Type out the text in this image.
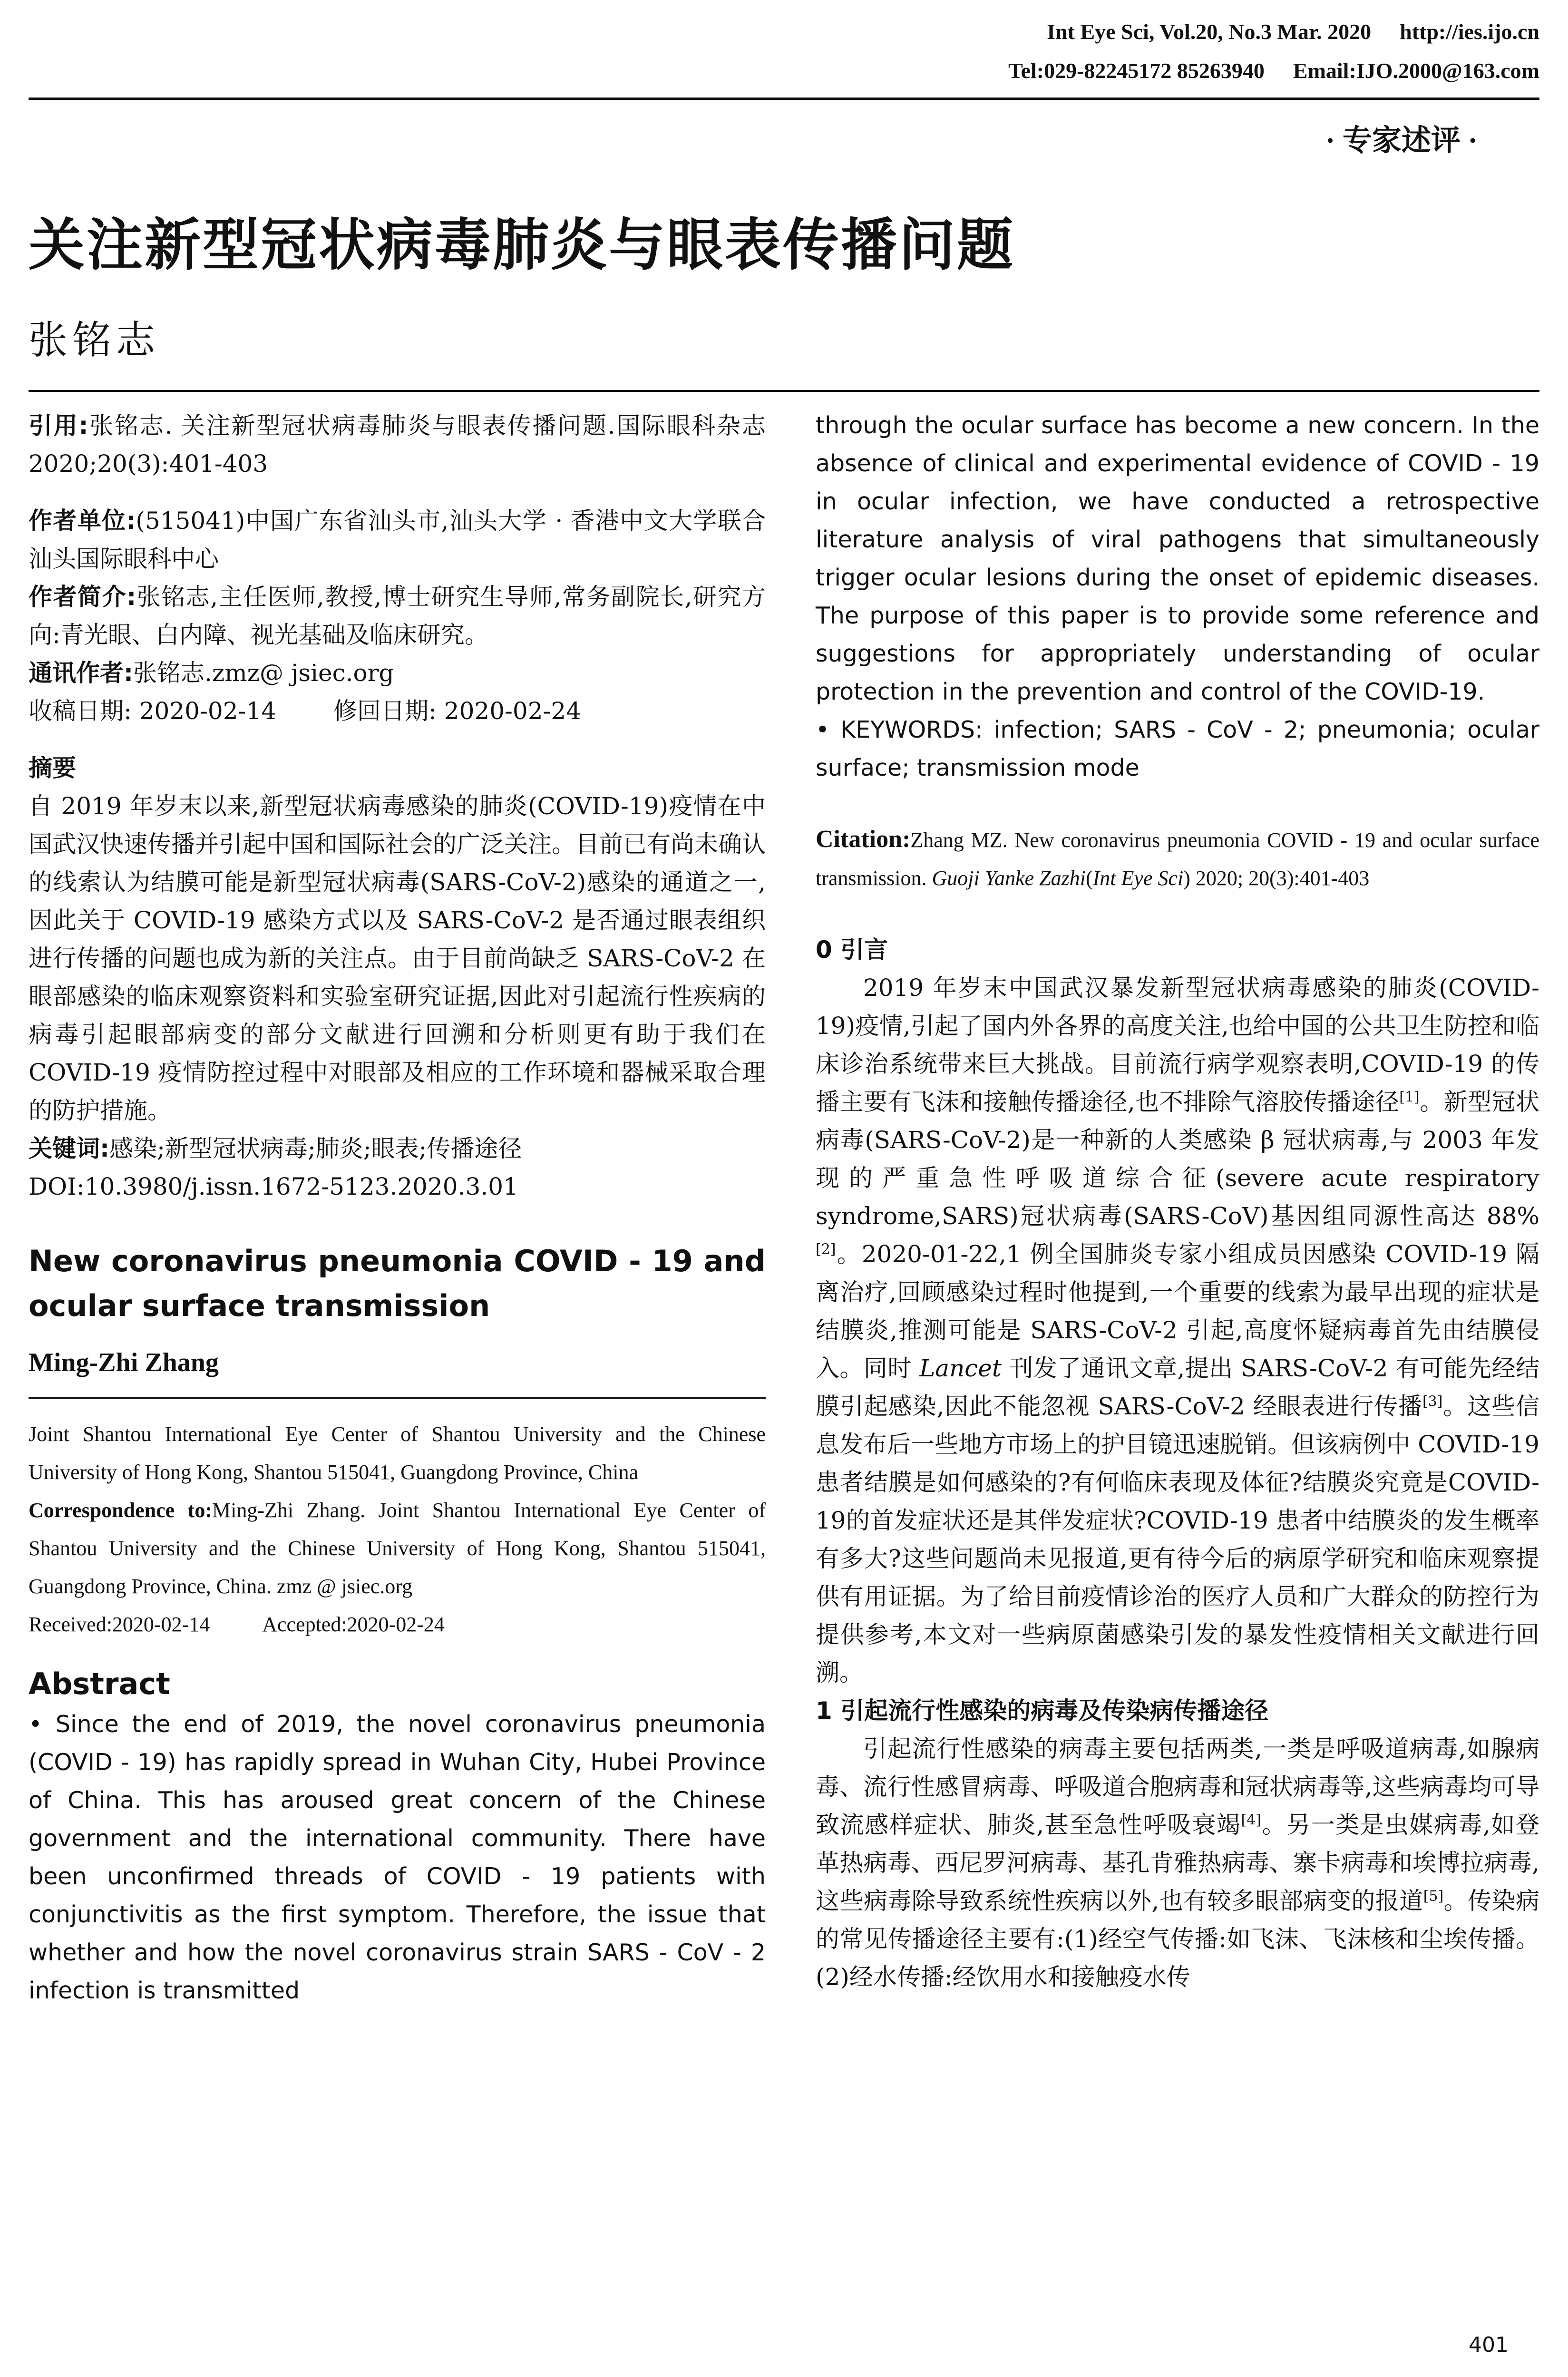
Int Eye Sci, Vol.20, No.3 Mar. 2020 http://ies.ijo.cn
Tel:029-82245172 85263940 Email:IJO.2000@163.com
· 专家述评 ·
关注新型冠状病毒肺炎与眼表传播问题
张铭志

引用:张铭志. 关注新型冠状病毒肺炎与眼表传播问题.国际眼科杂志 2020;20(3):401-403

作者单位:(515041)中国广东省汕头市,汕头大学 · 香港中文大学联合汕头国际眼科中心

作者简介:张铭志,主任医师,教授,博士研究生导师,常务副院长,研究方向:青光眼、白内障、视光基础及临床研究。

通讯作者:张铭志.zmz@ jsiec.org

收稿日期: 2020-02-14 修回日期: 2020-02-24

摘要

自 2019 年岁末以来,新型冠状病毒感染的肺炎(COVID-19)疫情在中国武汉快速传播并引起中国和国际社会的广泛关注。目前已有尚未确认的线索认为结膜可能是新型冠状病毒(SARS-CoV-2)感染的通道之一,因此关于 COVID-19 感染方式以及 SARS-CoV-2 是否通过眼表组织进行传播的问题也成为新的关注点。由于目前尚缺乏 SARS-CoV-2 在眼部感染的临床观察资料和实验室研究证据,因此对引起流行性疾病的病毒引起眼部病变的部分文献进行回溯和分析则更有助于我们在 COVID-19 疫情防控过程中对眼部及相应的工作环境和器械采取合理的防护措施。

关键词:感染;新型冠状病毒;肺炎;眼表;传播途径

DOI:10.3980/j.issn.1672-5123.2020.3.01

New coronavirus pneumonia COVID - 19 and ocular surface transmission

Ming-Zhi Zhang

Joint Shantou International Eye Center of Shantou University and the Chinese University of Hong Kong, Shantou 515041, Guangdong Province, China

Correspondence to:Ming-Zhi Zhang. Joint Shantou International Eye Center of Shantou University and the Chinese University of Hong Kong, Shantou 515041, Guangdong Province, China. zmz @ jsiec.org

Received:2020-02-14	Accepted:2020-02-24

Abstract

• Since the end of 2019, the novel coronavirus pneumonia (COVID - 19) has rapidly spread in Wuhan City, Hubei Province of China. This has aroused great concern of the Chinese government and the international community. There have been unconfirmed threads of COVID - 19 patients with conjunctivitis as the first symptom. Therefore, the issue that whether and how the novel coronavirus strain SARS - CoV - 2 infection is transmitted

through the ocular surface has become a new concern. In the absence of clinical and experimental evidence of COVID - 19 in ocular infection, we have conducted a retrospective literature analysis of viral pathogens that simultaneously trigger ocular lesions during the onset of epidemic diseases. The purpose of this paper is to provide some reference and suggestions for appropriately understanding of ocular protection in the prevention and control of the COVID-19.

• KEYWORDS: infection; SARS - CoV - 2; pneumonia; ocular surface; transmission mode

Citation:Zhang MZ. New coronavirus pneumonia COVID - 19 and ocular surface transmission. Guoji Yanke Zazhi(Int Eye Sci) 2020; 20(3):401-403

0 引言

2019 年岁末中国武汉暴发新型冠状病毒感染的肺炎(COVID-19)疫情,引起了国内外各界的高度关注,也给中国的公共卫生防控和临床诊治系统带来巨大挑战。目前流行病学观察表明,COVID-19 的传播主要有飞沫和接触传播途径,也不排除气溶胶传播途径[1]。新型冠状病毒(SARS-CoV-2)是一种新的人类感染 β 冠状病毒,与 2003 年发现的严重急性呼吸道综合征(severe acute respiratory syndrome,SARS)冠状病毒(SARS-CoV)基因组同源性高达 88%[2]。2020-01-22,1 例全国肺炎专家小组成员因感染 COVID-19 隔离治疗,回顾感染过程时他提到,一个重要的线索为最早出现的症状是结膜炎,推测可能是 SARS-CoV-2 引起,高度怀疑病毒首先由结膜侵入。同时 Lancet 刊发了通讯文章,提出 SARS-CoV-2 有可能先经结膜引起感染,因此不能忽视 SARS-CoV-2 经眼表进行传播[3]。这些信息发布后一些地方市场上的护目镜迅速脱销。但该病例中 COVID-19 患者结膜是如何感染的?有何临床表现及体征?结膜炎究竟是COVID-19的首发症状还是其伴发症状?COVID-19 患者中结膜炎的发生概率有多大?这些问题尚未见报道,更有待今后的病原学研究和临床观察提供有用证据。为了给目前疫情诊治的医疗人员和广大群众的防控行为提供参考,本文对一些病原菌感染引发的暴发性疫情相关文献进行回溯。

1 引起流行性感染的病毒及传染病传播途径

引起流行性感染的病毒主要包括两类,一类是呼吸道病毒,如腺病毒、流行性感冒病毒、呼吸道合胞病毒和冠状病毒等,这些病毒均可导致流感样症状、肺炎,甚至急性呼吸衰竭[4]。另一类是虫媒病毒,如登革热病毒、西尼罗河病毒、基孔肯雅热病毒、寨卡病毒和埃博拉病毒,这些病毒除导致系统性疾病以外,也有较多眼部病变的报道[5]。传染病的常见传播途径主要有:(1)经空气传播:如飞沫、飞沫核和尘埃传播。(2)经水传播:经饮用水和接触疫水传

401
